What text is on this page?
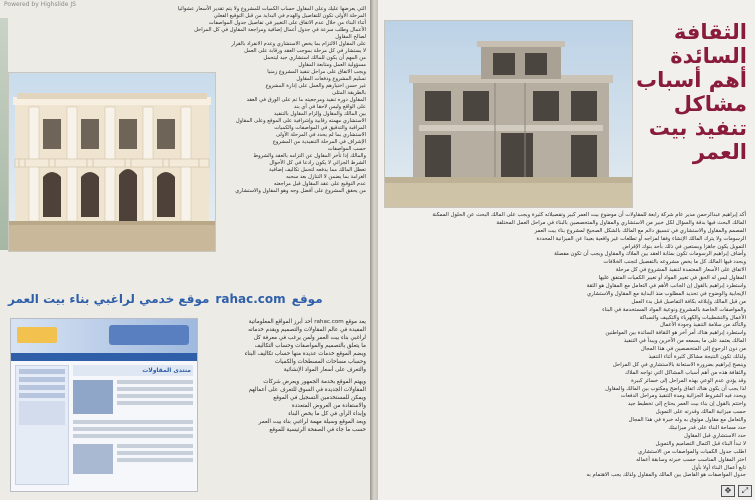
Powered by Highslide JS
التي يعرضها عليك وعلى المقاول حساب الكميات للمشروع ولا يتم تقدير الأسعار عشوائيا
المرحلة الأولى تكون للتفاصيل والهدم في البداية من قبل التوقيع الفعلي
أثناء البناء من خلال عدم الاتفاق على التغيير في تفاصيل جدول المواصفات
الأعمال وطلب سرعة في جدول أعمال إضافية ومراجعة المقاول في كل المراحل
لصالح المقاول
على المقاول الالتزام بما يخص الاستشاري وعدم الانفراد بالقرار
لا يستشار في كل مرحلة بموجب العقد ورقابة على العمل
من المهم أن يكون للمالك استشاري جيد ليتحمل
مسؤولية العمل ومتابعة المقاول
ويجب الاتفاق على مراحل تنفيذ المشروع زمنيا
تسليم المشروع ودفعات المقاول
غير حسن اختيارهم والعمل على إدارة المشروع
بالطريقة المثلى
المقاول دوره تنفيذ ومرجعيته ما تم على الورق في العقد
على الواقع وليس لاحقا في أي بند
بين المالك والمقاول وإلزام المقاول بالتنفيذ
الاستشاري مهمته رقابية وإشرافية على الموقع وعلى المقاول
المراقبة والتدقيق في المواصفات والكميات
الاستشاري بما لم يحدد في المرحلة الأولى
الإشراف في المرحلة التنفيذية من المشروع
حسب المواصفات
والمالك إذا تأخر المقاول عن التزامه بالعقد والشروط
الشرط الجزائي لا يكون رادعا في كل الأحوال
تعطل المالك مما يدفعه لتحمل تكاليف إضافية
الغرامة بما يضمن لا التنازل بعد سحبه
عدم التوقيع على عقد المقاول قبل مراجعته
من يحقق المشروع على أفضل وجه وهو المقاول والاستشاري
موقع
rahac.com
موقع خدمي لراغبي بناء بيت العمر
منتدى المقاولات
يعد موقع rahac.com أحد أبرز المواقع المعلوماتية
المفيدة في عالم المقاولات والتصميم ويقدم خدماته
لراغبي بناء بيت العمر ولمن يرغب في معرفة كل
ما يتعلق بالتصميم والمواصفات وحساب التكاليف
ويضم الموقع خدمات عديدة منها حساب تكاليف البناء
وحساب مساحات المسطحات والكميات
والتعرف على أسعار المواد الإنشائية
ويهتم الموقع بخدمة الجمهور ويعرض شركات
المقاولات الجديدة في السوق للتعرف على أعمالهم
ويمكن للمستخدمين التسجيل في الموقع
والاستفادة من العروض المتعددة
وإبداء الرأي في كل ما يخص البناء
ويعد الموقع وسيلة مهمة لراغبي بناء بيت العمر
حسب ما جاء في الصفحة الرئيسية للموقع
الثقافة
السائدة
أهم أسباب
مشاكل
تنفيذ بيت
العمر
أكد إبراهيم عبدالرحمن مدير عام شركة رابعة للمقاولات أن موضوع بيت العمر كبير وتفصيلاته كثيرة ويجب على المالك البحث عن الحلول الممكنة
المالك البحث فيها بدقة والسؤال لكل خبير من الاستشاري والمقاول والمتخصصين بالبناء في مراحل العمل المختلفة
المصمم والمقاول والاستشاري في تنسيق دائم مع المالك بالشكل الصحيح لمشروع بناء بيت العمر
الرسومات ولا يترك المالك الإنشاء وفقا لمزاجه أو تطلعات غير واقعية بعيدا عن الميزانية المحددة
التمويل يكون جاهزا ويستعين في ذلك بأحد بنوك الإقراض
وأضاف إبراهيم الرسومات تكون بمثابة العقد بين الملاك والمقاول ويجب أن تكون مفصلة
ويحدد فيها المالك كل ما يخص مشروعه بالتفصيل لتجنب الخلافات
الاتفاق على الأسعار المعتمدة لتنفيذ المشروع في كل مرحلة
المقاول ليس له الحق في تغيير المواد أو تغيير الكميات المتفق عليها
واستطرد إبراهيم بالقول إن الجانب الأهم في التعامل مع المقاول هو الثقة
الإيجابية والوضوح في تحديد المطلوب منذ البداية مع المقاول والاستشاري
من قبل المالك وإبلاغه بكافة التفاصيل قبل بدء العمل
والمواصفات الخاصة بالمشروع ونوعية المواد المستخدمة في البناء
الأعمال والتشطيبات والكهرباء والتكييف والسباكة
والتأكد من سلامة التنفيذ وجودة الأعمال
واستطرد إبراهيم هناك أمر آخر هو الثقافة السائدة بين المواطنين
المالك يعتمد على ما يسمعه من الآخرين ويبدأ في التنفيذ
من دون الرجوع إلى المتخصصين في هذا المجال
ولذلك تكون النتيجة مشاكل كثيرة أثناء التنفيذ
وينصح إبراهيم بضرورة الاستعانة بالاستشاري في كل المراحل
والثقافة هذه من أهم أسباب المشاكل التي تواجه الملاك
وقد يؤدي عدم الوعي بهذه المراحل إلى خسائر كبيرة
لذا يجب أن يكون هناك اتفاق واضح ومكتوب بين المالك والمقاول
ويحدد فيه الشروط الجزائية ومدة التنفيذ ومراحل الدفعات
واختتم بالقول إن بناء بيت العمر يحتاج إلى تخطيط جيد
حسب ميزانية المالك وقدرته على التمويل
والتعامل مع مقاول موثوق به وله خبرة في هذا المجال
حدد مساحة البناء على قدر ميزانيتك
حدد الاستشاري قبل المقاول
لا تبدأ البناء قبل اكتمال التصاميم والتمويل
اطلب جدول الكميات والمواصفات من الاستشاري
اختر المقاول المناسب حسب خبرته وسابقة أعماله
تابع أعمال البناء أولا بأول
جدول المواصفات هو الفاصل بين المالك والمقاول ولذلك يجب الاهتمام به
✥	⤢
